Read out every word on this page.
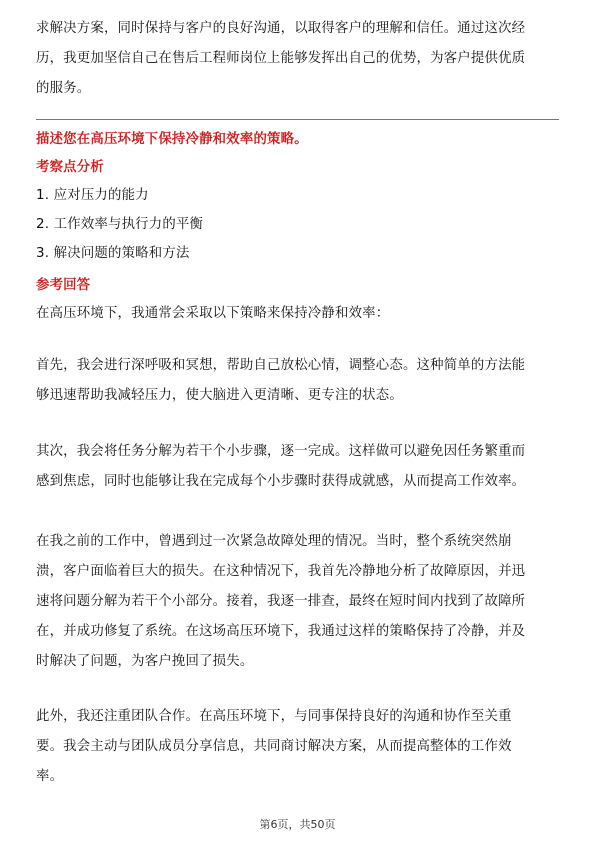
求解决方案，同时保持与客户的良好沟通，以取得客户的理解和信任。通过这次经
历，我更加坚信自己在售后工程师岗位上能够发挥出自己的优势，为客户提供优质
的服务。
描述您在高压环境下保持冷静和效率的策略。
考察点分析
1. 应对压力的能力
2. 工作效率与执行力的平衡
3. 解决问题的策略和方法
参考回答
在高压环境下，我通常会采取以下策略来保持冷静和效率：
首先，我会进行深呼吸和冥想，帮助自己放松心情，调整心态。这种简单的方法能
够迅速帮助我减轻压力，使大脑进入更清晰、更专注的状态。
其次，我会将任务分解为若干个小步骤，逐一完成。这样做可以避免因任务繁重而
感到焦虑，同时也能够让我在完成每个小步骤时获得成就感，从而提高工作效率。
在我之前的工作中，曾遇到过一次紧急故障处理的情况。当时，整个系统突然崩
溃，客户面临着巨大的损失。在这种情况下，我首先冷静地分析了故障原因，并迅
速将问题分解为若干个小部分。接着，我逐一排查，最终在短时间内找到了故障所
在，并成功修复了系统。在这场高压环境下，我通过这样的策略保持了冷静，并及
时解决了问题，为客户挽回了损失。
此外，我还注重团队合作。在高压环境下，与同事保持良好的沟通和协作至关重
要。我会主动与团队成员分享信息，共同商讨解决方案，从而提高整体的工作效
率。
第6页，共50页
